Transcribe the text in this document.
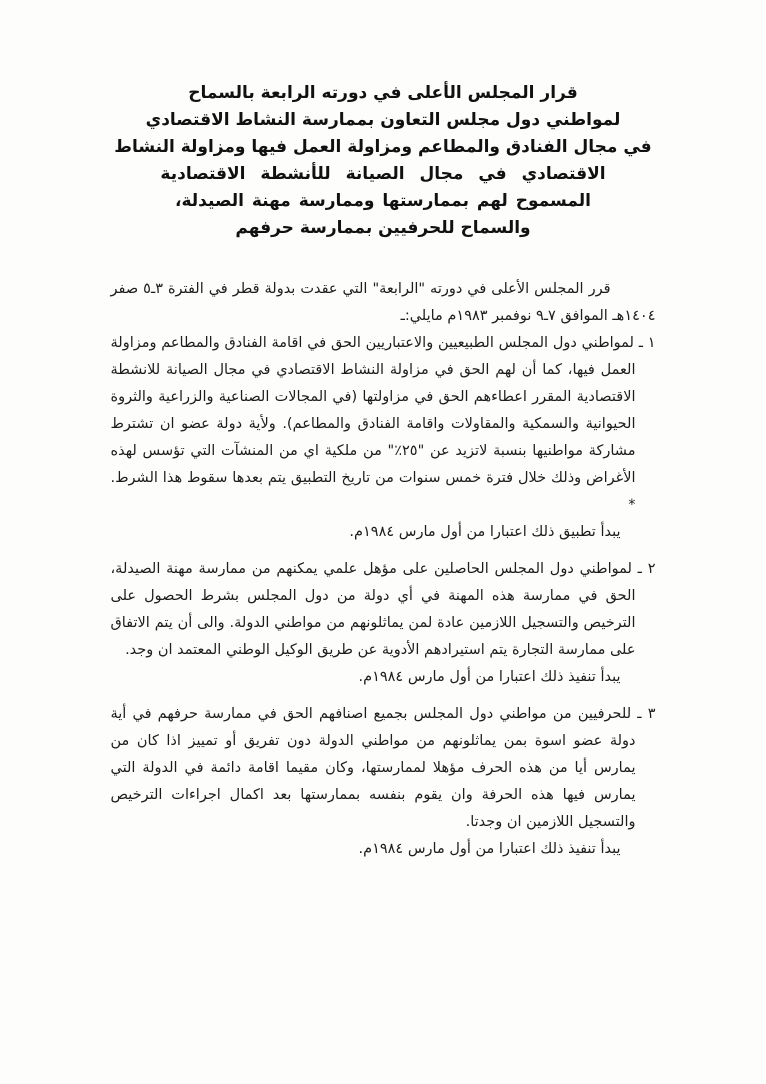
قرار المجلس الأعلى في دورته الرابعة بالسماح
لمواطني دول مجلس التعاون بممارسة النشاط الاقتصادي
في مجال الفنادق والمطاعم ومزاولة العمل فيها ومزاولة النشاط
الاقتصادي في مجال الصيانة للأنشطة الاقتصادية
المسموح لهم بممارستها وممارسة مهنة الصيدلة،
والسماح للحرفيين بممارسة حرفهم

قرر المجلس الأعلى في دورته "الرابعة" التي عقدت بدولة قطر في الفترة ٣ـ٥ صفر ١٤٠٤هـ الموافق ٧ـ٩ نوفمبر ١٩٨٣م مايلي:ـ

١ ـ لمواطني دول المجلس الطبيعيين والاعتباريين الحق في اقامة الفنادق والمطاعم ومزاولة العمل فيها، كما أن لهم الحق في مزاولة النشاط الاقتصادي في مجال الصيانة للانشطة الاقتصادية المقرر اعطاءهم الحق في مزاولتها (في المجالات الصناعية والزراعية والثروة الحيوانية والسمكية والمقاولات واقامة الفنادق والمطاعم). ولأية دولة عضو ان تشترط مشاركة مواطنيها بنسبة لاتزيد عن "٢٥٪" من ملكية اي من المنشآت التي تؤسس لهذه الأغراض وذلك خلال فترة خمس سنوات من تاريخ التطبيق يتم بعدها سقوط هذا الشرط. *

يبدأ تطبيق ذلك اعتبارا من أول مارس ١٩٨٤م.

٢ ـ لمواطني دول المجلس الحاصلين على مؤهل علمي يمكنهم من ممارسة مهنة الصيدلة، الحق في ممارسة هذه المهنة في أي دولة من دول المجلس بشرط الحصول على الترخيص والتسجيل اللازمين عادة لمن يماثلونهم من مواطني الدولة. والى أن يتم الاتفاق على ممارسة التجارة يتم استيرادهم الأدوية عن طريق الوكيل الوطني المعتمد ان وجد.

يبدأ تنفيذ ذلك اعتبارا من أول مارس ١٩٨٤م.

٣ ـ للحرفيين من مواطني دول المجلس بجميع اصنافهم الحق في ممارسة حرفهم في أية دولة عضو اسوة بمن يماثلونهم من مواطني الدولة دون تفريق أو تمييز اذا كان من يمارس أيا من هذه الحرف مؤهلا لممارستها، وكان مقيما اقامة دائمة في الدولة التي يمارس فيها هذه الحرفة وان يقوم بنفسه بممارستها بعد اكمال اجراءات الترخيص والتسجيل اللازمين ان وجدتا.

يبدأ تنفيذ ذلك اعتبارا من أول مارس ١٩٨٤م.
